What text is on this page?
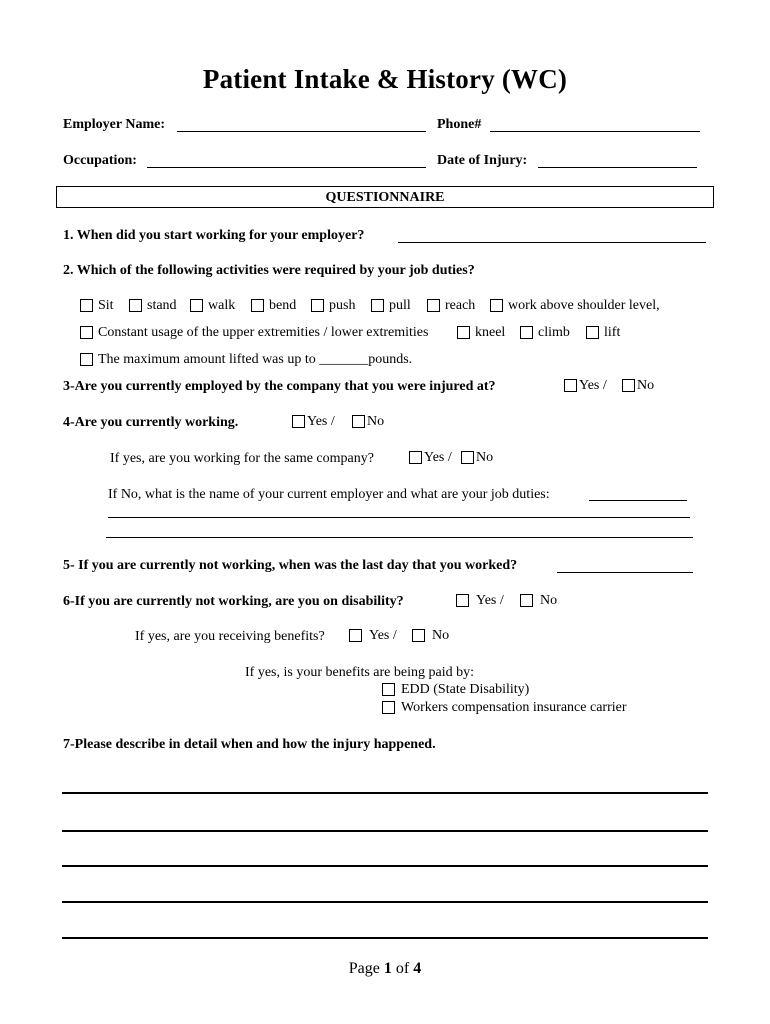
Patient Intake & History (WC)
Employer Name:	Phone#
Occupation:	Date of Injury:
QUESTIONNAIRE
1. When did you start working for your employer?
2. Which of the following activities were required by your job duties?
Sit stand walk bend push pull reach work above shoulder level,
Constant usage of the upper extremities / lower extremities	kneel climb lift
The maximum amount lifted was up to _______pounds.
3-Are you currently employed by the company that you were injured at?	Yes / No
4-Are you currently working.	Yes / No
If yes, are you working for the same company?	Yes / No
If No, what is the name of your current employer and what are your job duties:
5- If you are currently not working, when was the last day that you worked?
6-If you are currently not working, are you on disability?	Yes /	No
If yes, are you receiving benefits?	Yes /	No
If yes, is your benefits are being paid by:
EDD (State Disability)
Workers compensation insurance carrier
7-Please describe in detail when and how the injury happened.
Page 1 of 4
